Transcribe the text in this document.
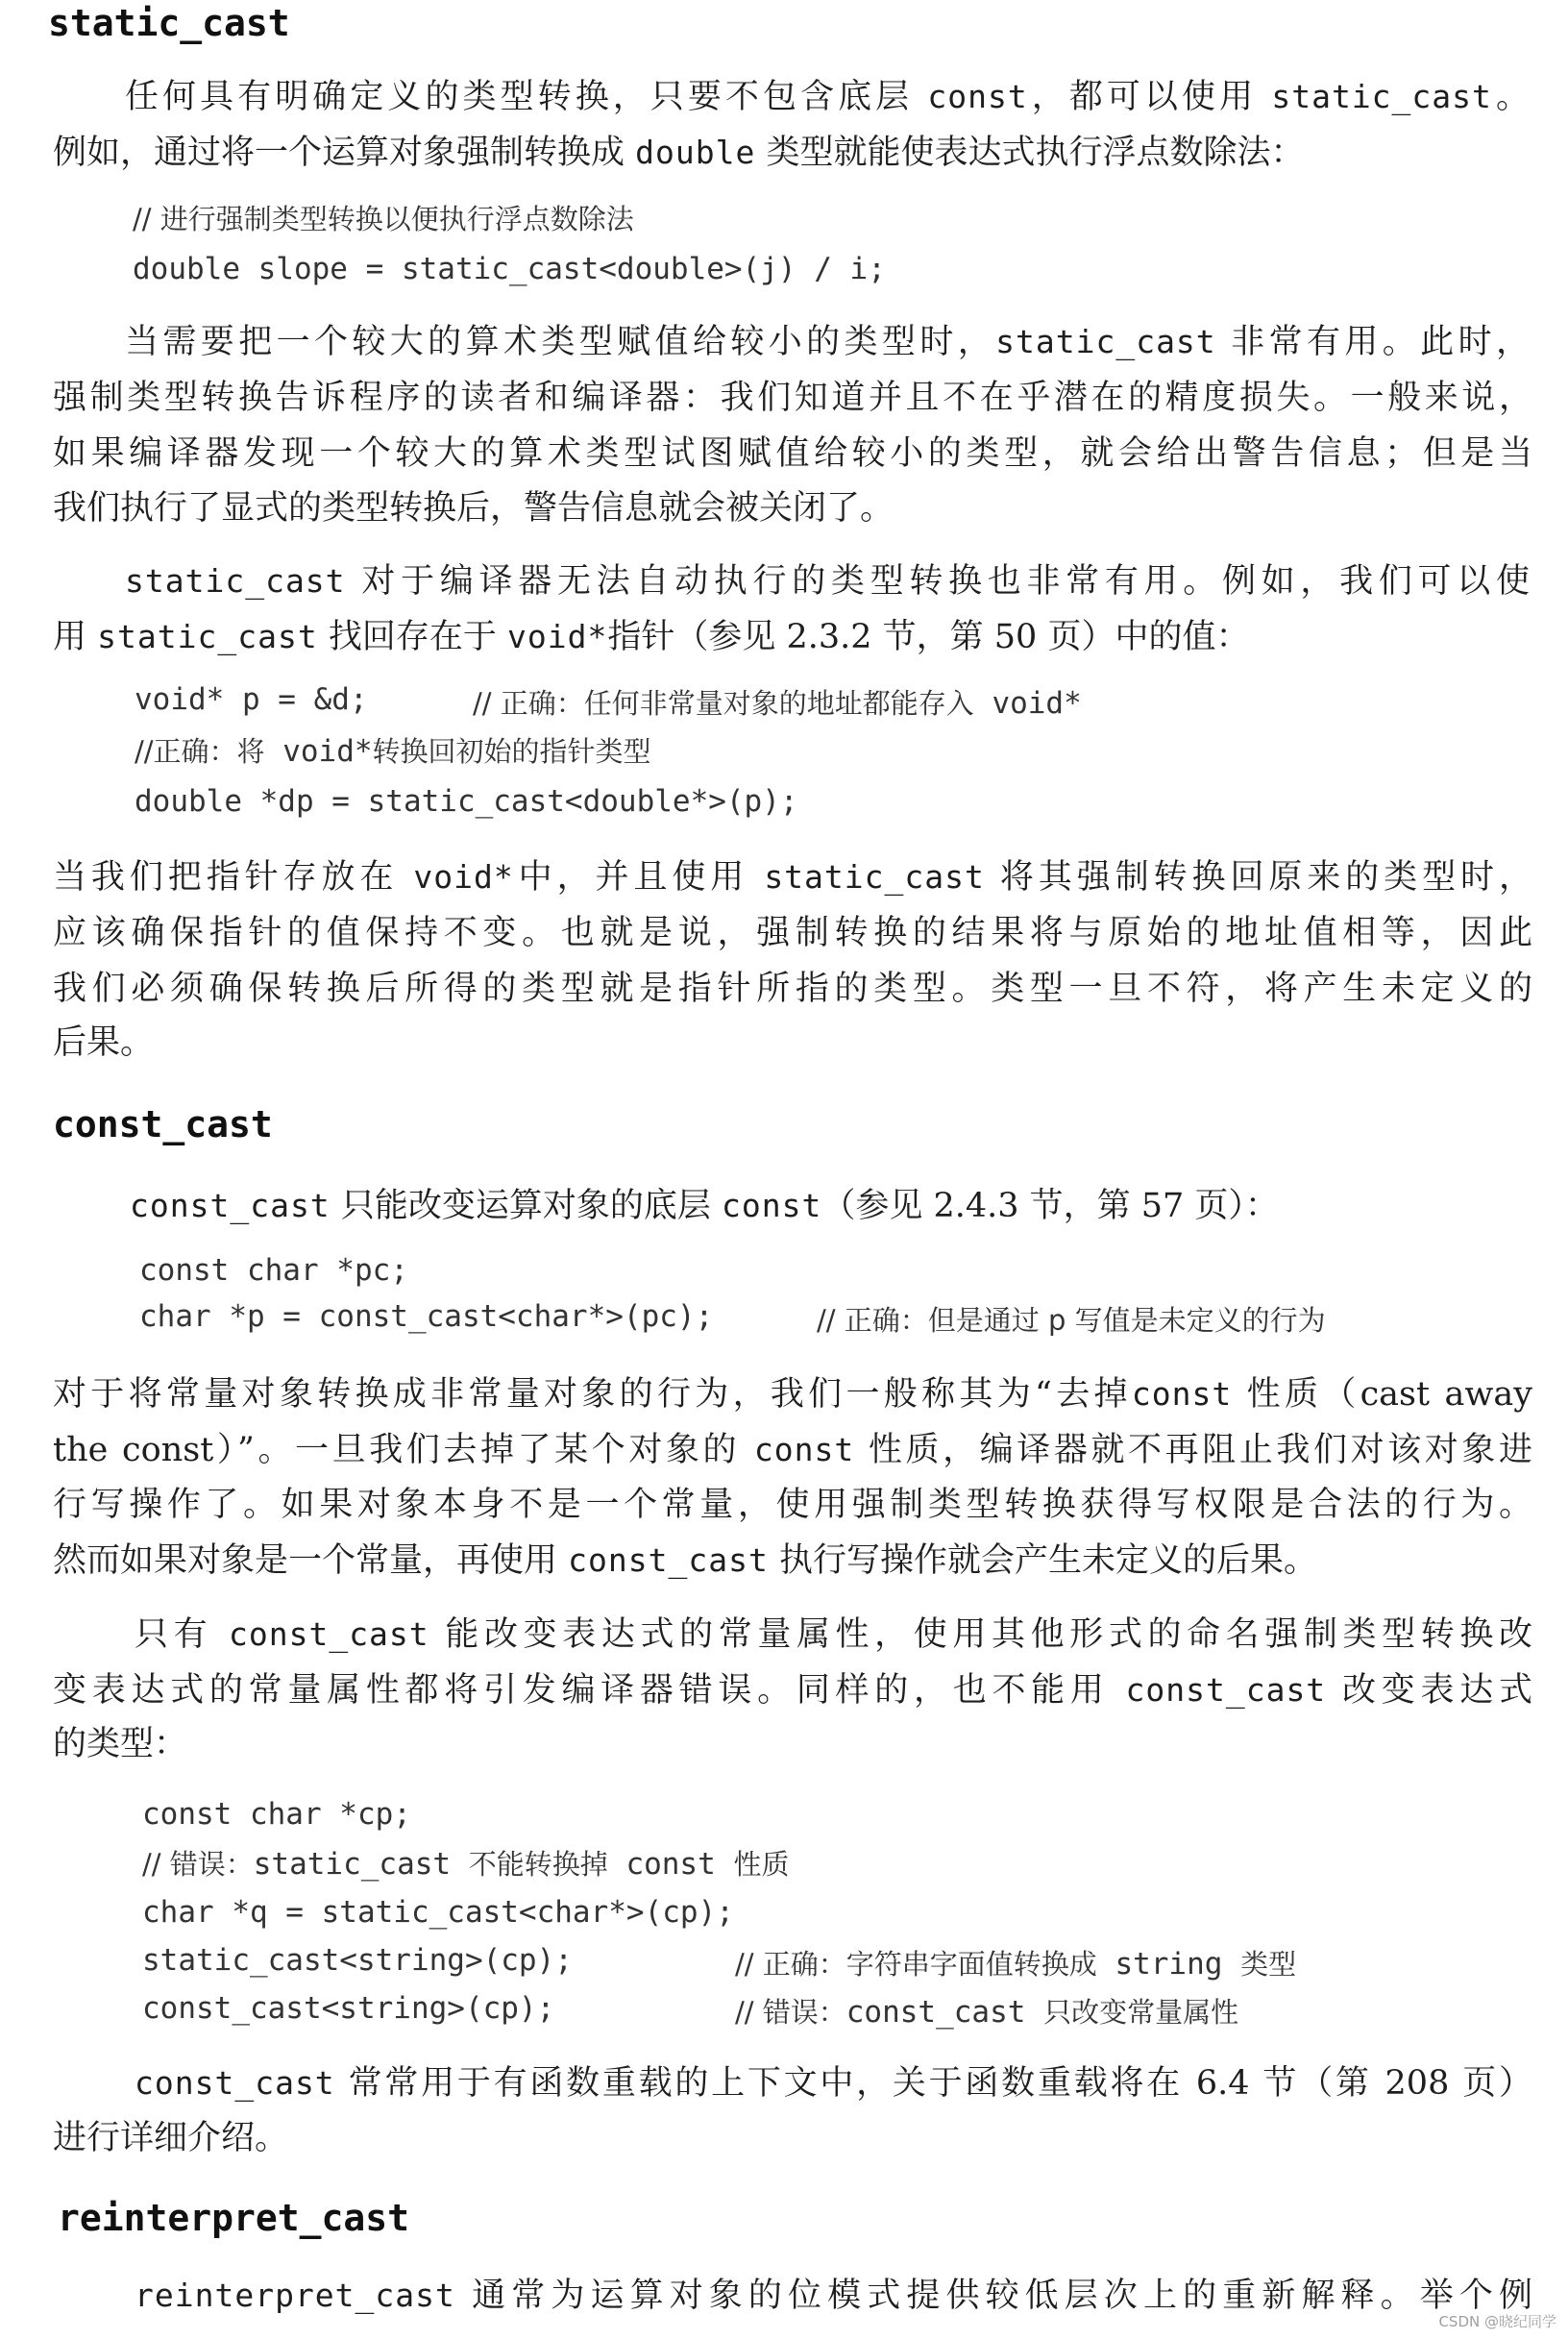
static_cast

任何具有明确定义的类型转换，只要不包含底层 const，都可以使用 static_cast。

例如，通过将一个运算对象强制转换成 double 类型就能使表达式执行浮点数除法：

// 进行强制类型转换以便执行浮点数除法
double slope = static_cast<double>(j) / i;

当需要把一个较大的算术类型赋值给较小的类型时，static_cast 非常有用。此时，

强制类型转换告诉程序的读者和编译器：我们知道并且不在乎潜在的精度损失。一般来说，

如果编译器发现一个较大的算术类型试图赋值给较小的类型，就会给出警告信息；但是当

我们执行了显式的类型转换后，警告信息就会被关闭了。

static_cast 对于编译器无法自动执行的类型转换也非常有用。例如，我们可以使

用 static_cast 找回存在于 void*指针（参见 2.3.2 节，第 50 页）中的值：

void* p = &d;	// 正确：任何非常量对象的地址都能存入 void*
//正确：将 void*转换回初始的指针类型
double *dp = static_cast<double*>(p);

当我们把指针存放在 void*中，并且使用 static_cast 将其强制转换回原来的类型时，

应该确保指针的值保持不变。也就是说，强制转换的结果将与原始的地址值相等，因此

我们必须确保转换后所得的类型就是指针所指的类型。类型一旦不符，将产生未定义的

后果。

const_cast

const_cast 只能改变运算对象的底层 const（参见 2.4.3 节，第 57 页）：

const char *pc;
char *p = const_cast<char*>(pc);	// 正确：但是通过 p 写值是未定义的行为

对于将常量对象转换成非常量对象的行为，我们一般称其为“去掉const 性质（cast away

the const）”。一旦我们去掉了某个对象的 const 性质，编译器就不再阻止我们对该对象进

行写操作了。如果对象本身不是一个常量，使用强制类型转换获得写权限是合法的行为。

然而如果对象是一个常量，再使用 const_cast 执行写操作就会产生未定义的后果。

只有 const_cast 能改变表达式的常量属性，使用其他形式的命名强制类型转换改

变表达式的常量属性都将引发编译器错误。同样的，也不能用 const_cast 改变表达式

的类型：

const char *cp;
// 错误：static_cast 不能转换掉 const 性质
char *q = static_cast<char*>(cp);
static_cast<string>(cp);	// 正确：字符串字面值转换成 string 类型
const_cast<string>(cp);	// 错误：const_cast 只改变常量属性

const_cast 常常用于有函数重载的上下文中，关于函数重载将在 6.4 节（第 208 页）

进行详细介绍。

reinterpret_cast

reinterpret_cast 通常为运算对象的位模式提供较低层次上的重新解释。举个例

CSDN @晓纪同学
